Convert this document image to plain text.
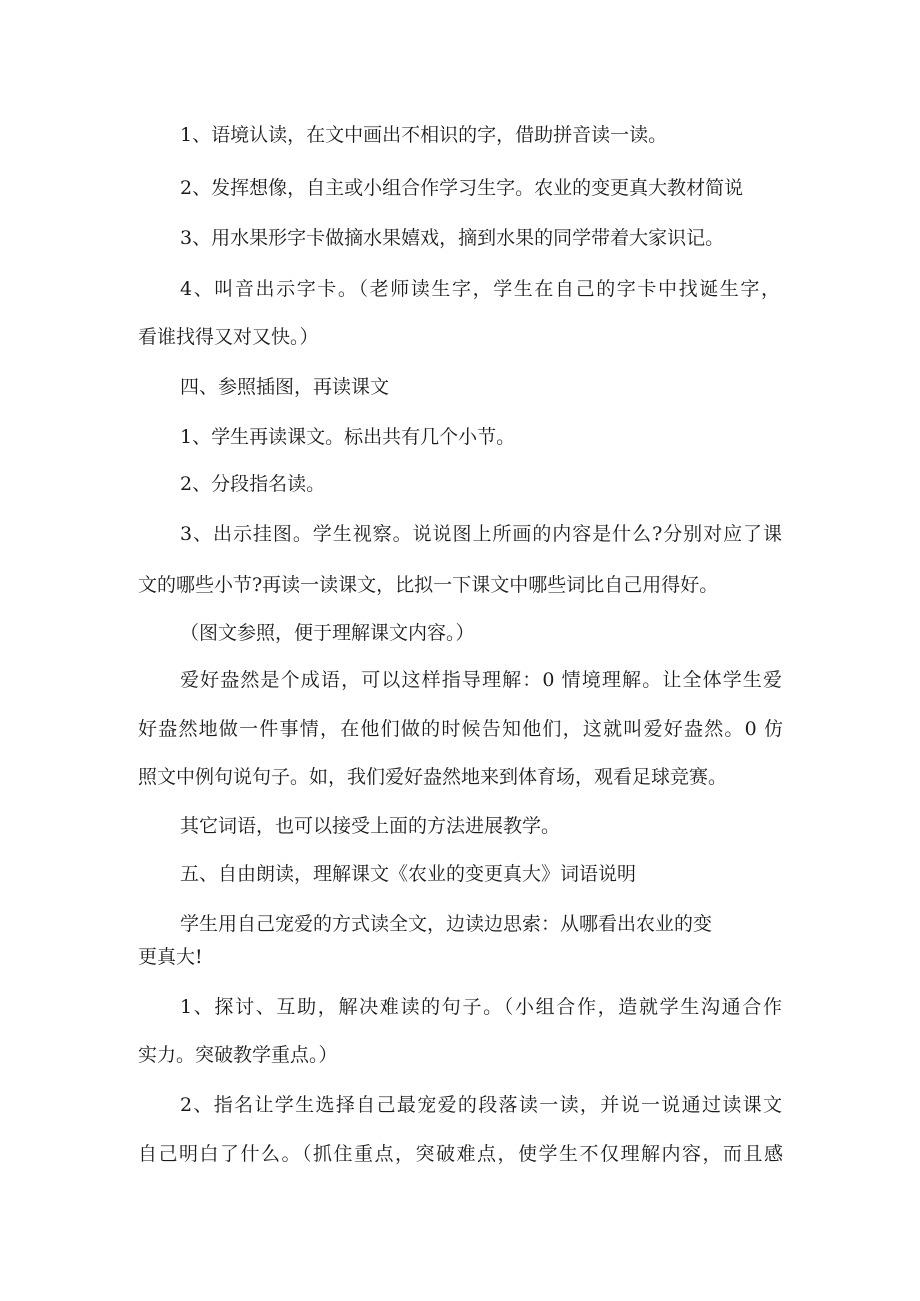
1、语境认读，在文中画出不相识的字，借助拼音读一读。
2、发挥想像，自主或小组合作学习生字。农业的变更真大教材简说
3、用水果形字卡做摘水果嬉戏，摘到水果的同学带着大家识记。
4、叫音出示字卡。（老师读生字，学生在自己的字卡中找诞生字，
看谁找得又对又快。）
四、参照插图，再读课文
1、学生再读课文。标出共有几个小节。
2、分段指名读。
3、出示挂图。学生视察。说说图上所画的内容是什么?分别对应了课
文的哪些小节?再读一读课文，比拟一下课文中哪些词比自己用得好。
（图文参照，便于理解课文内容。）
爱好盎然是个成语，可以这样指导理解：0 情境理解。让全体学生爱
好盎然地做一件事情，在他们做的时候告知他们，这就叫爱好盎然。0 仿
照文中例句说句子。如，我们爱好盎然地来到体育场，观看足球竞赛。
其它词语，也可以接受上面的方法进展教学。
五、自由朗读，理解课文《农业的变更真大》词语说明
学生用自己宠爱的方式读全文，边读边思索：从哪看出农业的变
更真大!
1、探讨、互助，解决难读的句子。（小组合作，造就学生沟通合作
实力。突破教学重点。）
2、指名让学生选择自己最宠爱的段落读一读，并说一说通过读课文
自己明白了什么。（抓住重点，突破难点，使学生不仅理解内容，而且感
